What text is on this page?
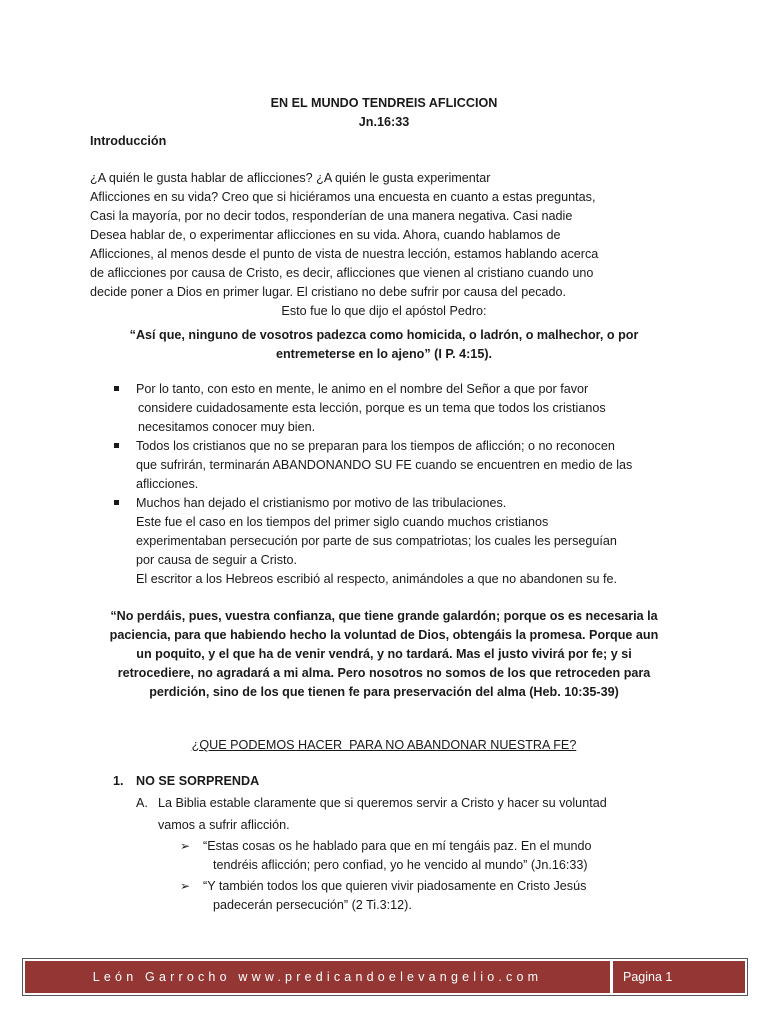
EN EL MUNDO TENDREIS AFLICCION
Jn.16:33
Introducción
¿A quién le gusta hablar de aflicciones? ¿A quién le gusta experimentar
Aflicciones en su vida? Creo que si hiciéramos una encuesta en cuanto a estas preguntas,
Casi la mayoría, por no decir todos, responderían de una manera negativa. Casi nadie
Desea hablar de, o experimentar aflicciones en su vida. Ahora, cuando hablamos de
Aflicciones, al menos desde el punto de vista de nuestra lección, estamos hablando acerca
de aflicciones por causa de Cristo, es decir, aflicciones que vienen al cristiano cuando uno
decide poner a Dios en primer lugar. El cristiano no debe sufrir por causa del pecado.
Esto fue lo que dijo el apóstol Pedro:
“Así que, ninguno de vosotros padezca como homicida, o ladrón, o malhechor, o por
entremeterse en lo ajeno” (I P. 4:15).
Por lo tanto, con esto en mente, le animo en el nombre del Señor a que por favor
considere cuidadosamente esta lección, porque es un tema que todos los cristianos
necesitamos conocer muy bien.
Todos los cristianos que no se preparan para los tiempos de aflicción; o no reconocen
que sufrirán, terminarán ABANDONANDO SU FE cuando se encuentren en medio de las
aflicciones.
Muchos han dejado el cristianismo por motivo de las tribulaciones.
Este fue el caso en los tiempos del primer siglo cuando muchos cristianos
experimentaban persecución por parte de sus compatriotas; los cuales les perseguían
por causa de seguir a Cristo.
El escritor a los Hebreos escribió al respecto, animándoles a que no abandonen su fe.
“No perdáis, pues, vuestra confianza, que tiene grande galardón; porque os es necesaria la
paciencia, para que habiendo hecho la voluntad de Dios, obtengáis la promesa. Porque aun
un poquito, y el que ha de venir vendrá, y no tardará. Mas el justo vivirá por fe; y si
retrocediere, no agradará a mi alma. Pero nosotros no somos de los que retroceden para
perdición, sino de los que tienen fe para preservación del alma (Heb. 10:35-39)
¿QUE PODEMOS HACER  PARA NO ABANDONAR NUESTRA FE?
1. NO SE SORPRENDA
A. La Biblia estable claramente que si queremos servir a Cristo y hacer su voluntad
vamos a sufrir aflicción.
➢ “Estas cosas os he hablado para que en mí tengáis paz. En el mundo
tendréis aflicción; pero confiad, yo he vencido al mundo” (Jn.16:33)
➢ “Y también todos los que quieren vivir piadosamente en Cristo Jesús
padecerán persecución” (2 Ti.3:12).
León Garrocho www.predicandoelevangelio.com	Pagina 1
